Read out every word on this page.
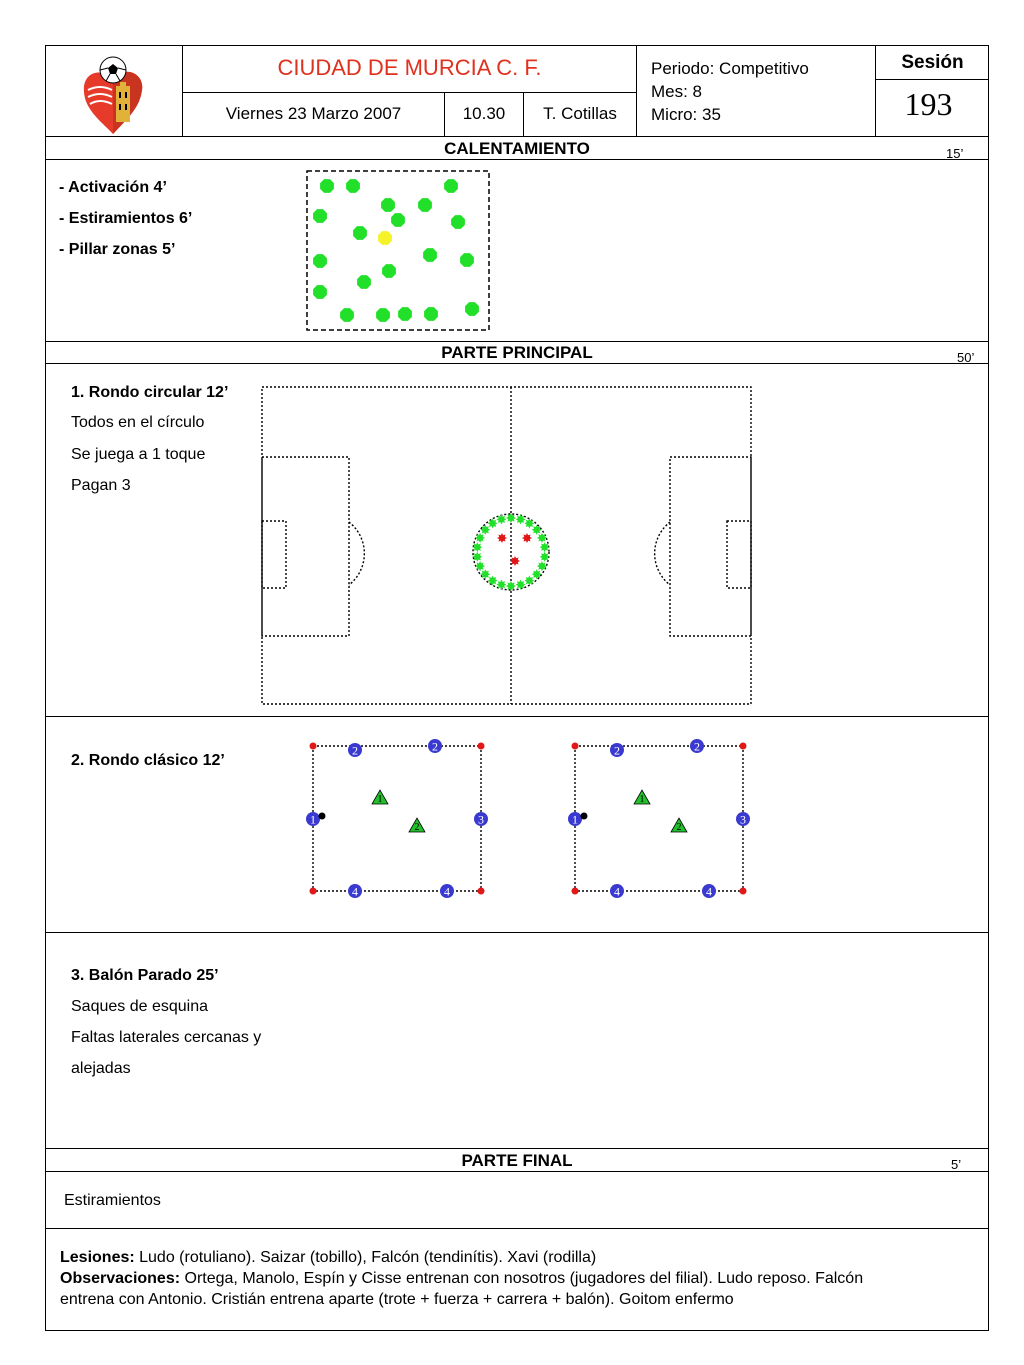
CIUDAD DE MURCIA C. F.
Viernes 23 Marzo 2007	10.30	T. Cotillas
Periodo: Competitivo
Mes: 8
Micro: 35
Sesión
193
CALENTAMIENTO	15’
- Activación 4’
- Estiramientos 6’
- Pillar zonas 5’
PARTE PRINCIPAL	50’
1. Rondo circular 12’
Todos en el círculo
Se juega a 1 toque
Pagan 3
2. Rondo clásico 12’
2	2
1	3
4	4
1
2
2	2
1	3
4	4
1
2
3. Balón Parado 25’
Saques de esquina
Faltas laterales cercanas y
alejadas
PARTE FINAL	5’
Estiramientos
Lesiones: Ludo (rotuliano). Saizar (tobillo), Falcón (tendinítis). Xavi (rodilla)
Observaciones: Ortega, Manolo, Espín y Cisse entrenan con nosotros (jugadores del filial). Ludo reposo. Falcón
entrena con Antonio. Cristián entrena aparte (trote + fuerza + carrera + balón). Goitom enfermo
